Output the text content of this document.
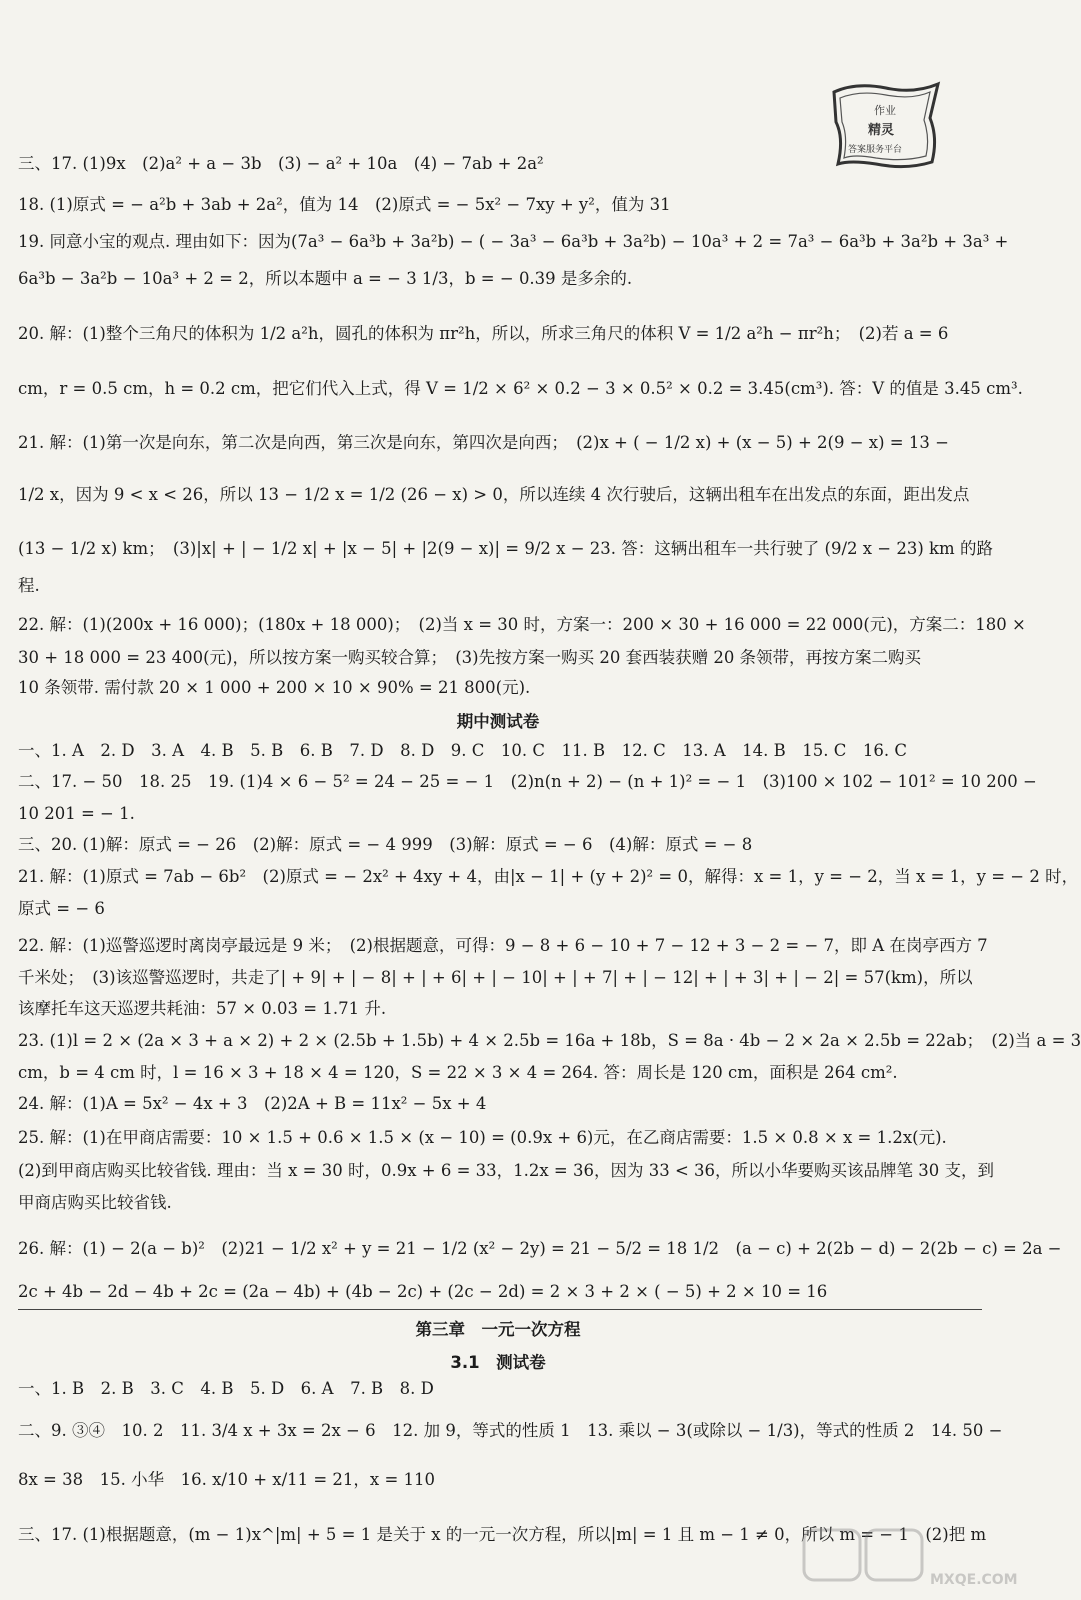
作业
精灵
答案服务平台
三、17. (1)9x　(2)a² + a − 3b　(3) − a² + 10a　(4) − 7ab + 2a²
18. (1)原式 = − a²b + 3ab + 2a²，值为 14　(2)原式 = − 5x² − 7xy + y²，值为 31
19. 同意小宝的观点. 理由如下：因为(7a³ − 6a³b + 3a²b) − ( − 3a³ − 6a³b + 3a²b) − 10a³ + 2 = 7a³ − 6a³b + 3a²b + 3a³ +
6a³b − 3a²b − 10a³ + 2 = 2，所以本题中 a = − 3 1/3，b = − 0.39 是多余的.
20. 解：(1)整个三角尺的体积为 1/2 a²h，圆孔的体积为 πr²h，所以，所求三角尺的体积 V = 1/2 a²h − πr²h；　(2)若 a = 6
cm，r = 0.5 cm，h = 0.2 cm，把它们代入上式，得 V = 1/2 × 6² × 0.2 − 3 × 0.5² × 0.2 = 3.45(cm³). 答：V 的值是 3.45 cm³.
21. 解：(1)第一次是向东，第二次是向西，第三次是向东，第四次是向西；　(2)x + ( − 1/2 x) + (x − 5) + 2(9 − x) = 13 −
1/2 x，因为 9 < x < 26，所以 13 − 1/2 x = 1/2 (26 − x) > 0，所以连续 4 次行驶后，这辆出租车在出发点的东面，距出发点
(13 − 1/2 x) km；　(3)|x| + | − 1/2 x| + |x − 5| + |2(9 − x)| = 9/2 x − 23. 答：这辆出租车一共行驶了 (9/2 x − 23) km 的路
程.
22. 解：(1)(200x + 16 000)；(180x + 18 000)；　(2)当 x = 30 时，方案一：200 × 30 + 16 000 = 22 000(元)，方案二：180 ×
30 + 18 000 = 23 400(元)，所以按方案一购买较合算；　(3)先按方案一购买 20 套西装获赠 20 条领带，再按方案二购买
10 条领带. 需付款 20 × 1 000 + 200 × 10 × 90% = 21 800(元).
期中测试卷
一、1. A　2. D　3. A　4. B　5. B　6. B　7. D　8. D　9. C　10. C　11. B　12. C　13. A　14. B　15. C　16. C
二、17. − 50　18. 25　19. (1)4 × 6 − 5² = 24 − 25 = − 1　(2)n(n + 2) − (n + 1)² = − 1　(3)100 × 102 − 101² = 10 200 −
10 201 = − 1.
三、20. (1)解：原式 = − 26　(2)解：原式 = − 4 999　(3)解：原式 = − 6　(4)解：原式 = − 8
21. 解：(1)原式 = 7ab − 6b²　(2)原式 = − 2x² + 4xy + 4，由|x − 1| + (y + 2)² = 0，解得：x = 1，y = − 2，当 x = 1，y = − 2 时，
原式 = − 6
22. 解：(1)巡警巡逻时离岗亭最远是 9 米；　(2)根据题意，可得：9 − 8 + 6 − 10 + 7 − 12 + 3 − 2 = − 7，即 A 在岗亭西方 7
千米处；　(3)该巡警巡逻时，共走了| + 9| + | − 8| + | + 6| + | − 10| + | + 7| + | − 12| + | + 3| + | − 2| = 57(km)，所以
该摩托车这天巡逻共耗油：57 × 0.03 = 1.71 升.
23. (1)l = 2 × (2a × 3 + a × 2) + 2 × (2.5b + 1.5b) + 4 × 2.5b = 16a + 18b，S = 8a · 4b − 2 × 2a × 2.5b = 22ab；　(2)当 a = 3
cm，b = 4 cm 时，l = 16 × 3 + 18 × 4 = 120，S = 22 × 3 × 4 = 264. 答：周长是 120 cm，面积是 264 cm².
24. 解：(1)A = 5x² − 4x + 3　(2)2A + B = 11x² − 5x + 4
25. 解：(1)在甲商店需要：10 × 1.5 + 0.6 × 1.5 × (x − 10) = (0.9x + 6)元，在乙商店需要：1.5 × 0.8 × x = 1.2x(元).
(2)到甲商店购买比较省钱. 理由：当 x = 30 时，0.9x + 6 = 33，1.2x = 36，因为 33 < 36，所以小华要购买该品牌笔 30 支，到
甲商店购买比较省钱.
26. 解：(1) − 2(a − b)²　(2)21 − 1/2 x² + y = 21 − 1/2 (x² − 2y) = 21 − 5/2 = 18 1/2　(a − c) + 2(2b − d) − 2(2b − c) = 2a −
2c + 4b − 2d − 4b + 2c = (2a − 4b) + (4b − 2c) + (2c − 2d) = 2 × 3 + 2 × ( − 5) + 2 × 10 = 16
第三章　一元一次方程
3.1　测试卷
一、1. B　2. B　3. C　4. B　5. D　6. A　7. B　8. D
二、9. ③④　10. 2　11. 3/4 x + 3x = 2x − 6　12. 加 9，等式的性质 1　13. 乘以 − 3(或除以 − 1/3)，等式的性质 2　14. 50 −
8x = 38　15. 小华　16. x/10 + x/11 = 21，x = 110
三、17. (1)根据题意，(m − 1)x^|m| + 5 = 1 是关于 x 的一元一次方程，所以|m| = 1 且 m − 1 ≠ 0，所以 m = − 1　(2)把 m
MXQE.COM
